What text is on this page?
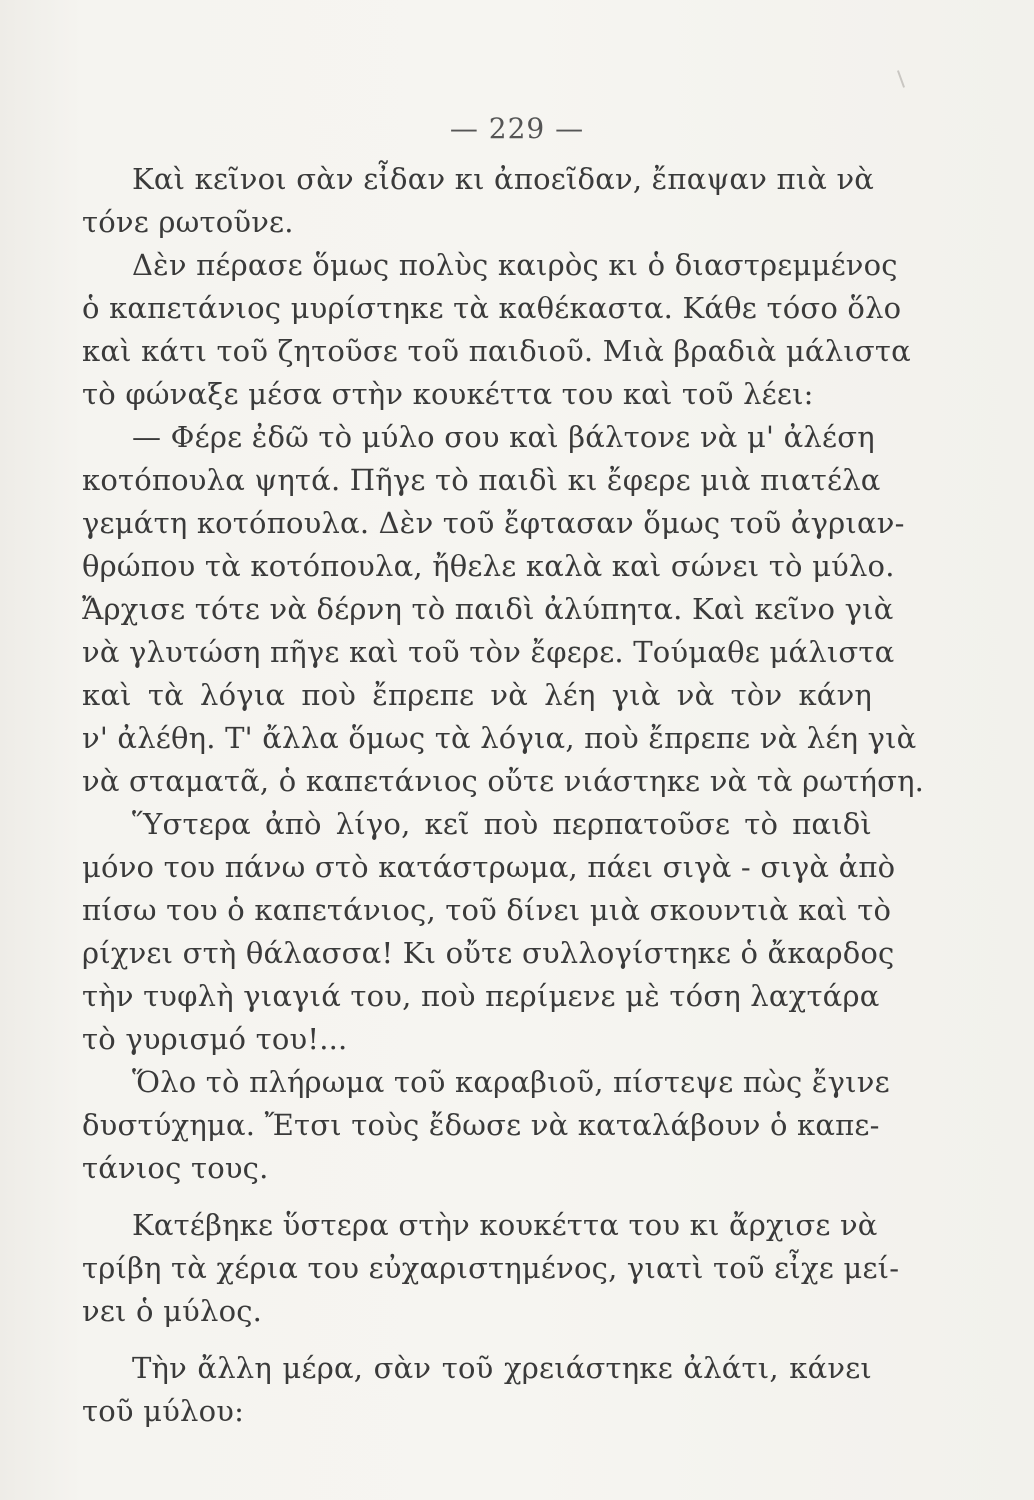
— 229 —
Καὶ κεῖνοι σὰν εἶδαν κι ἀποεῖδαν, ἔπαψαν πιὰ νὰ
τόνε ρωτοῦνε.
Δὲν πέρασε ὅμως πολὺς καιρὸς κι ὁ διαστρεμμένος
ὁ καπετάνιος μυρίστηκε τὰ καθέκαστα. Κάθε τόσο ὅλο
καὶ κάτι τοῦ ζητοῦσε τοῦ παιδιοῦ. Μιὰ βραδιὰ μάλιστα
τὸ φώναξε μέσα στὴν κουκέττα του καὶ τοῦ λέει:
— Φέρε ἐδῶ τὸ μύλο σου καὶ βάλτονε νὰ μ' ἀλέση
κοτόπουλα ψητά. Πῆγε τὸ παιδὶ κι ἔφερε μιὰ πιατέλα
γεμάτη κοτόπουλα. Δὲν τοῦ ἔφτασαν ὅμως τοῦ ἀγριαν-
θρώπου τὰ κοτόπουλα, ἤθελε καλὰ καὶ σώνει τὸ μύλο.
Ἄρχισε τότε νὰ δέρνη τὸ παιδὶ ἀλύπητα. Καὶ κεῖνο γιὰ
νὰ γλυτώση πῆγε καὶ τοῦ τὸν ἔφερε. Τούμαθε μάλιστα
καὶ τὰ λόγια ποὺ ἔπρεπε νὰ λέη γιὰ νὰ τὸν κάνη
ν' ἀλέθη. Τ' ἄλλα ὅμως τὰ λόγια, ποὺ ἔπρεπε νὰ λέη γιὰ
νὰ σταματᾶ, ὁ καπετάνιος οὔτε νιάστηκε νὰ τὰ ρωτήση.
Ὕστερα ἀπὸ λίγο, κεῖ ποὺ περπατοῦσε τὸ παιδὶ
μόνο του πάνω στὸ κατάστρωμα, πάει σιγὰ - σιγὰ ἀπὸ
πίσω του ὁ καπετάνιος, τοῦ δίνει μιὰ σκουντιὰ καὶ τὸ
ρίχνει στὴ θάλασσα! Κι οὔτε συλλογίστηκε ὁ ἄκαρδος
τὴν τυφλὴ γιαγιά του, ποὺ περίμενε μὲ τόση λαχτάρα
τὸ γυρισμό του!...
Ὅλο τὸ πλήρωμα τοῦ καραβιοῦ, πίστεψε πὼς ἔγινε
δυστύχημα. Ἔτσι τοὺς ἔδωσε νὰ καταλάβουν ὁ καπε-
τάνιος τους.
Κατέβηκε ὕστερα στὴν κουκέττα του κι ἄρχισε νὰ
τρίβη τὰ χέρια του εὐχαριστημένος, γιατὶ τοῦ εἶχε μεί-
νει ὁ μύλος.
Τὴν ἄλλη μέρα, σὰν τοῦ χρειάστηκε ἀλάτι, κάνει
τοῦ μύλου:
